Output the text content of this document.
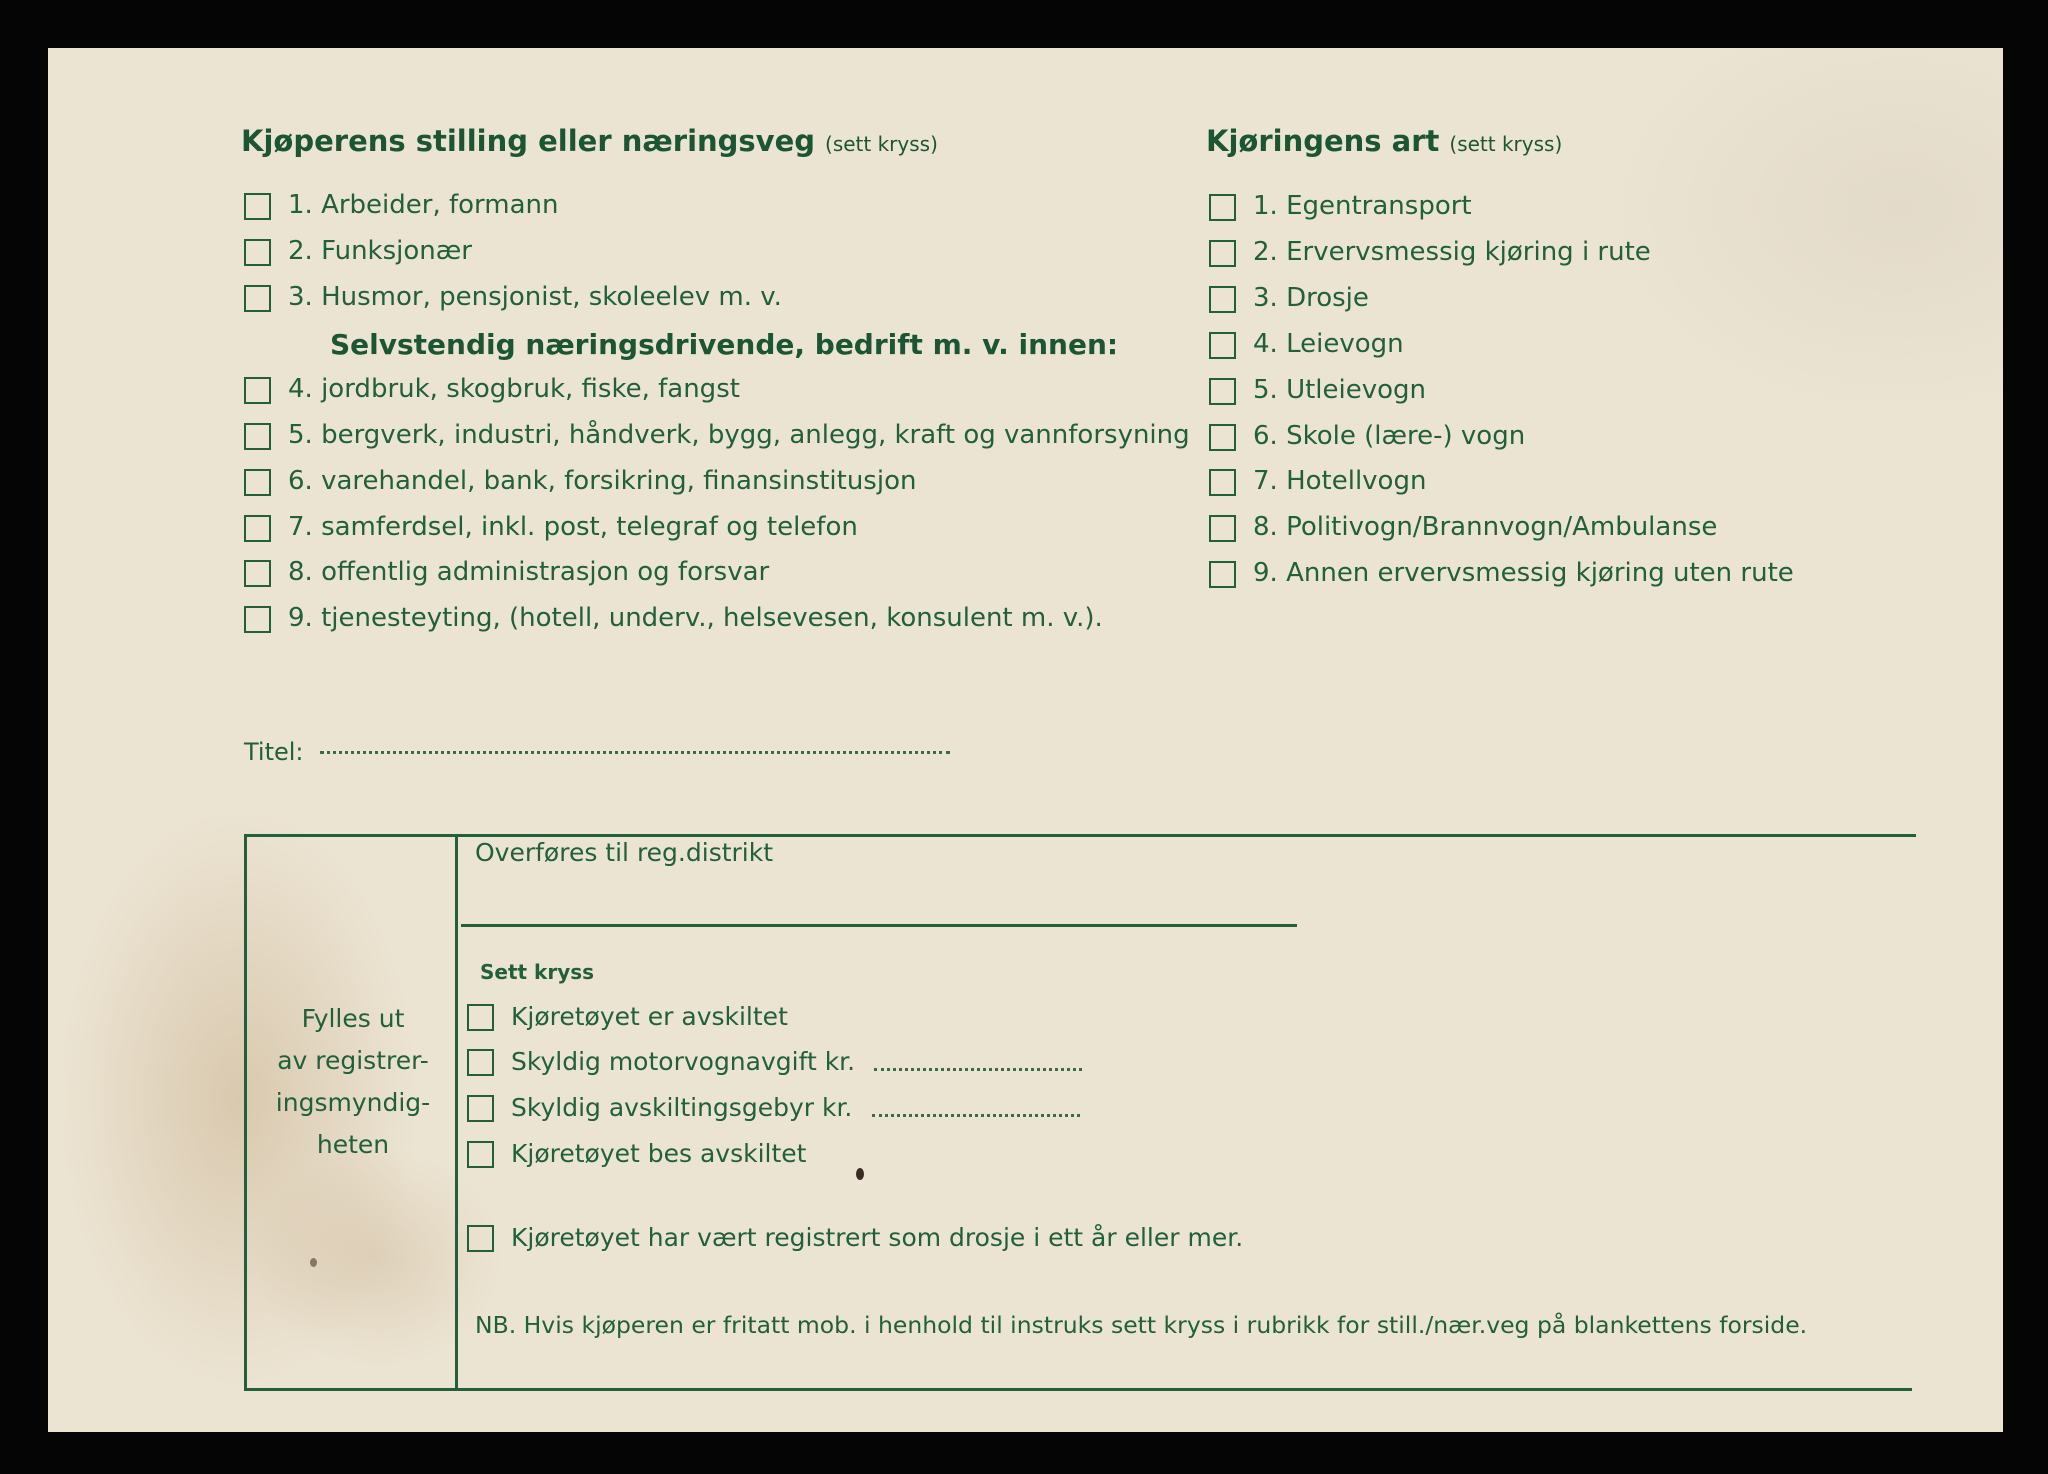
Kjøperens stilling eller næringsveg (sett kryss)	Kjøringens art (sett kryss)
1. Arbeider, formann
2. Funksjonær
3. Husmor, pensjonist, skoleelev m. v.
Selvstendig næringsdrivende, bedrift m. v. innen:
4. jordbruk, skogbruk, fiske, fangst
5. bergverk, industri, håndverk, bygg, anlegg, kraft og vannforsyning
6. varehandel, bank, forsikring, finansinstitusjon
7. samferdsel, inkl. post, telegraf og telefon
8. offentlig administrasjon og forsvar
9. tjenesteyting, (hotell, underv., helsevesen, konsulent m. v.).
1. Egentransport
2. Ervervsmessig kjøring i rute
3. Drosje
4. Leievogn
5. Utleievogn
6. Skole (lære-) vogn
7. Hotellvogn
8. Politivogn/Brannvogn/Ambulanse
9. Annen ervervsmessig kjøring uten rute
Titel:
Fylles ut
av registrer-
ingsmyndig-
heten
Overføres til reg.distrikt
Sett kryss
Kjøretøyet er avskiltet
Skyldig motorvognavgift kr.
Skyldig avskiltingsgebyr kr.
Kjøretøyet bes avskiltet
Kjøretøyet har vært registrert som drosje i ett år eller mer.
NB. Hvis kjøperen er fritatt mob. i henhold til instruks sett kryss i rubrikk for still./nær.veg på blankettens forside.
